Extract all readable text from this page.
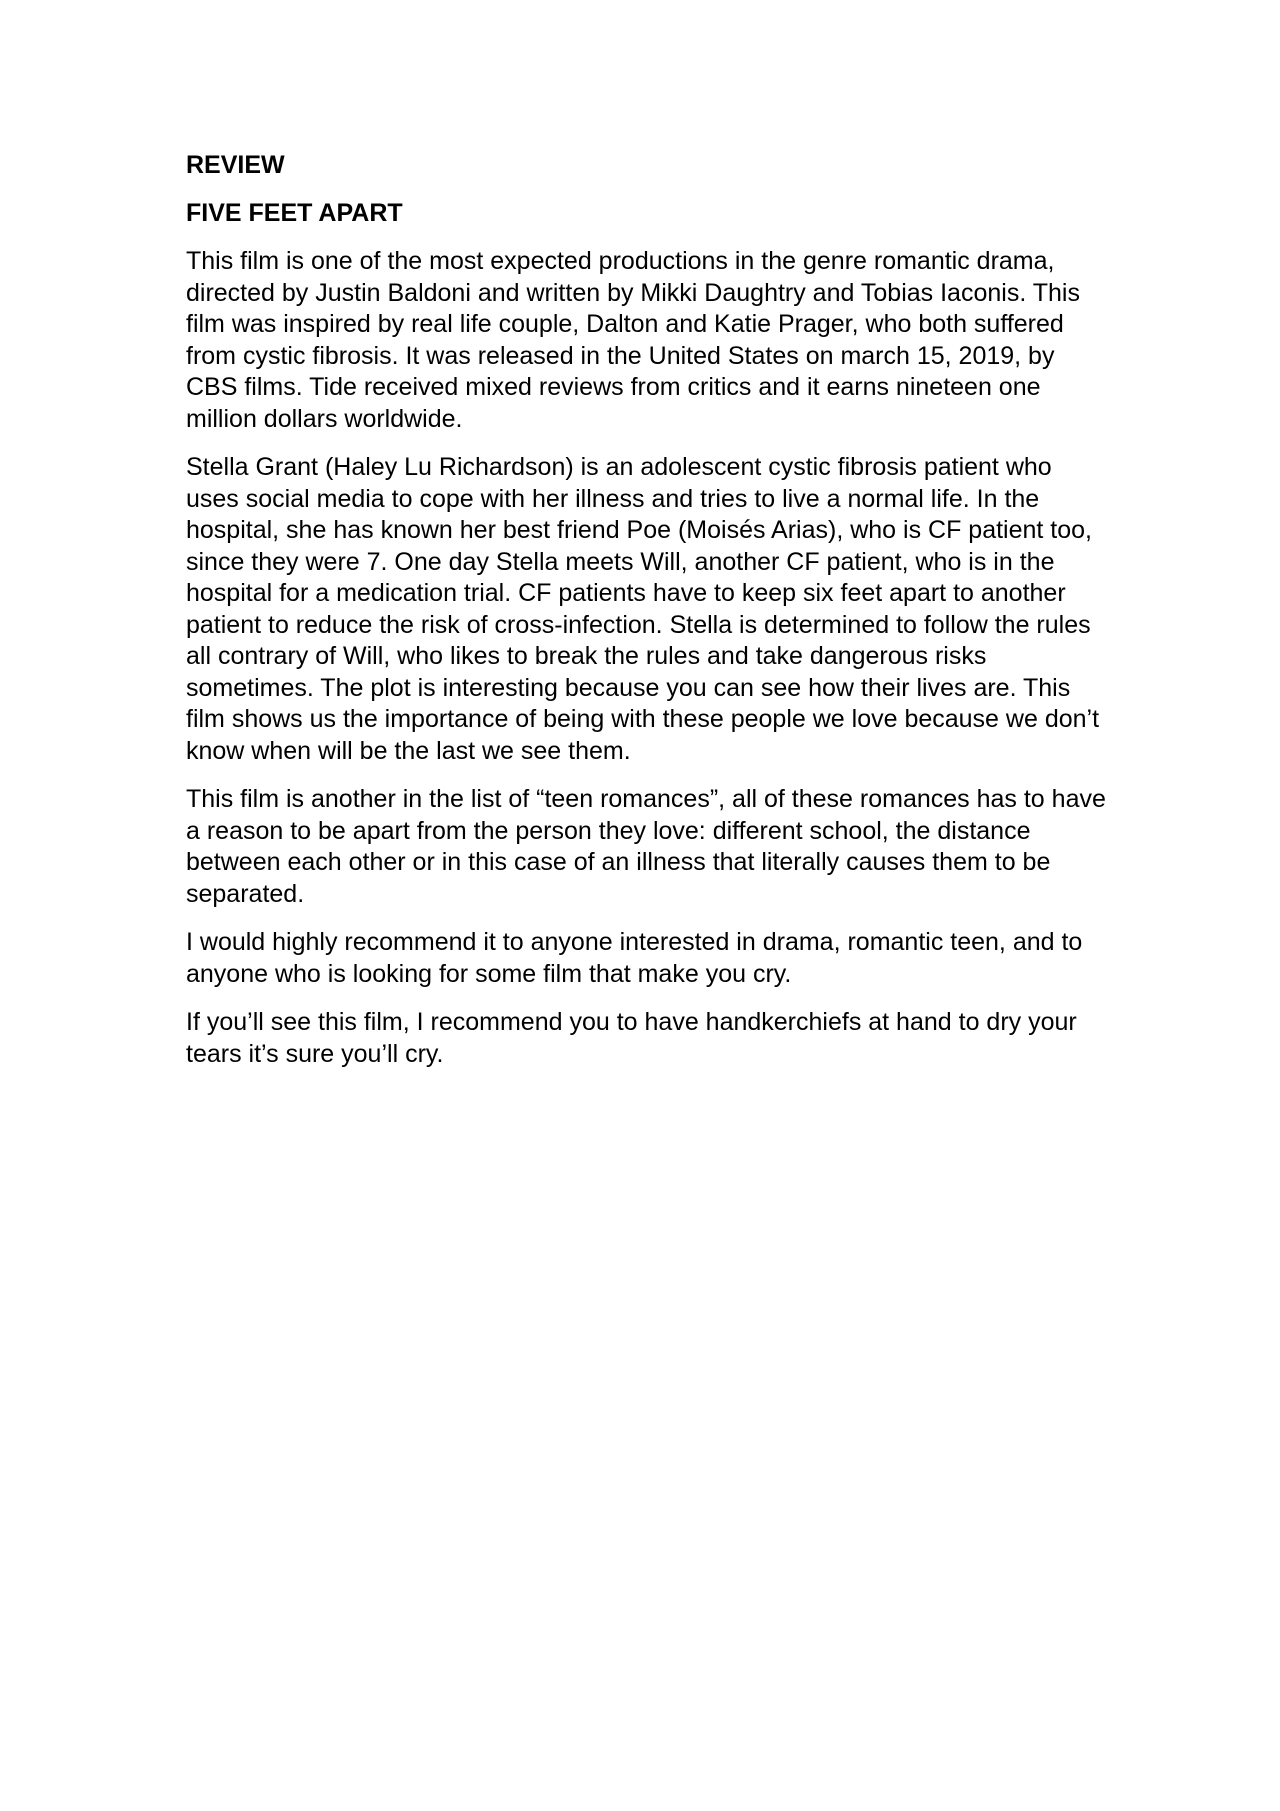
REVIEW
FIVE FEET APART

This film is one of the most expected productions in the genre romantic drama, directed by Justin Baldoni and written by Mikki Daughtry and Tobias Iaconis. This film was inspired by real life couple, Dalton and Katie Prager, who both suffered from cystic fibrosis. It was released in the United States on march 15, 2019, by CBS films. Tide received mixed reviews from critics and it earns nineteen one million dollars worldwide.

Stella Grant (Haley Lu Richardson) is an adolescent cystic fibrosis patient who uses social media to cope with her illness and tries to live a normal life. In the hospital, she has known her best friend Poe (Moisés Arias), who is CF patient too, since they were 7. One day Stella meets Will, another CF patient, who is in the hospital for a medication trial. CF patients have to keep six feet apart to another patient to reduce the risk of cross-infection. Stella is determined to follow the rules all contrary of Will, who likes to break the rules and take dangerous risks sometimes. The plot is interesting because you can see how their lives are. This film shows us the importance of being with these people we love because we don’t know when will be the last we see them.

This film is another in the list of “teen romances”, all of these romances has to have a reason to be apart from the person they love: different school, the distance between each other or in this case of an illness that literally causes them to be separated.

I would highly recommend it to anyone interested in drama, romantic teen, and to anyone who is looking for some film that make you cry.

If you’ll see this film, I recommend you to have handkerchiefs at hand to dry your tears it’s sure you’ll cry.
